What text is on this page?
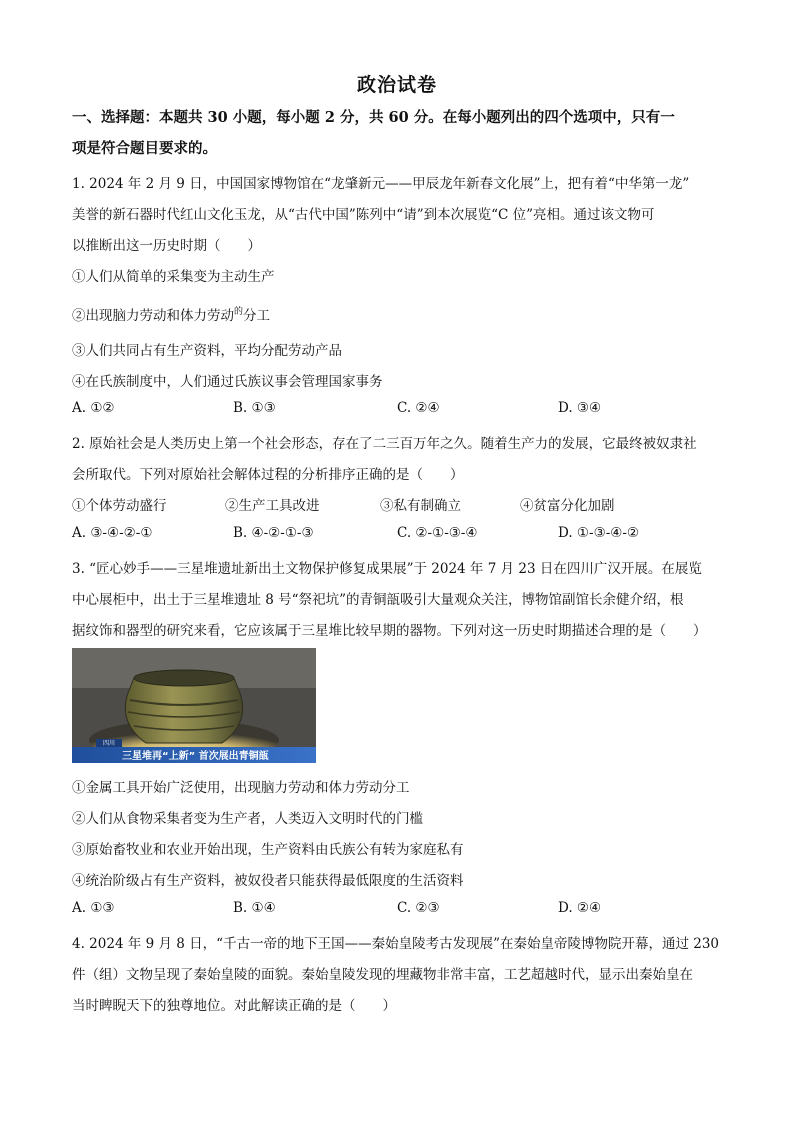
政治试卷
一、选择题：本题共 30 小题，每小题 2 分，共 60 分。在每小题列出的四个选项中，只有一
项是符合题目要求的。
1. 2024 年 2 月 9 日，中国国家博物馆在“龙肇新元——甲辰龙年新春文化展”上，把有着“中华第一龙”
美誉的新石器时代红山文化玉龙，从“古代中国”陈列中“请”到本次展览“C 位”亮相。通过该文物可
以推断出这一历史时期（　　）
①人们从简单的采集变为主动生产
②出现脑力劳动和体力劳动$^的$分工
③人们共同占有生产资料，平均分配劳动产品
④在氏族制度中，人们通过氏族议事会管理国家事务
A. ①②	B. ①③	C. ②④	D. ③④
2. 原始社会是人类历史上第一个社会形态，存在了二三百万年之久。随着生产力的发展，它最终被奴隶社
会所取代。下列对原始社会解体过程的分析排序正确的是（　　）
①个体劳动盛行	②生产工具改进	③私有制确立	④贫富分化加剧
A. ③-④-②-①	B. ④-②-①-③	C. ②-①-③-④	D. ①-③-④-②
3. “匠心妙手——三星堆遗址新出土文物保护修复成果展”于 2024 年 7 月 23 日在四川广汉开展。在展览
中心展柜中，出土于三星堆遗址 8 号“祭祀坑”的青铜瓿吸引大量观众关注，博物馆副馆长余健介绍，根
据纹饰和器型的研究来看，它应该属于三星堆比较早期的器物。下列对这一历史时期描述合理的是（　　）
四川
三星堆再“上新” 首次展出青铜瓿
①金属工具开始广泛使用，出现脑力劳动和体力劳动分工
②人们从食物采集者变为生产者，人类迈入文明时代的门槛
③原始畜牧业和农业开始出现，生产资料由氏族公有转为家庭私有
④统治阶级占有生产资料，被奴役者只能获得最低限度的生活资料
A. ①③	B. ①④	C. ②③	D. ②④
4. 2024 年 9 月 8 日，“千古一帝的地下王国——秦始皇陵考古发现展”在秦始皇帝陵博物院开幕，通过 230
件（组）文物呈现了秦始皇陵的面貌。秦始皇陵发现的埋藏物非常丰富，工艺超越时代，显示出秦始皇在
当时睥睨天下的独尊地位。对此解读正确的是（　　）
